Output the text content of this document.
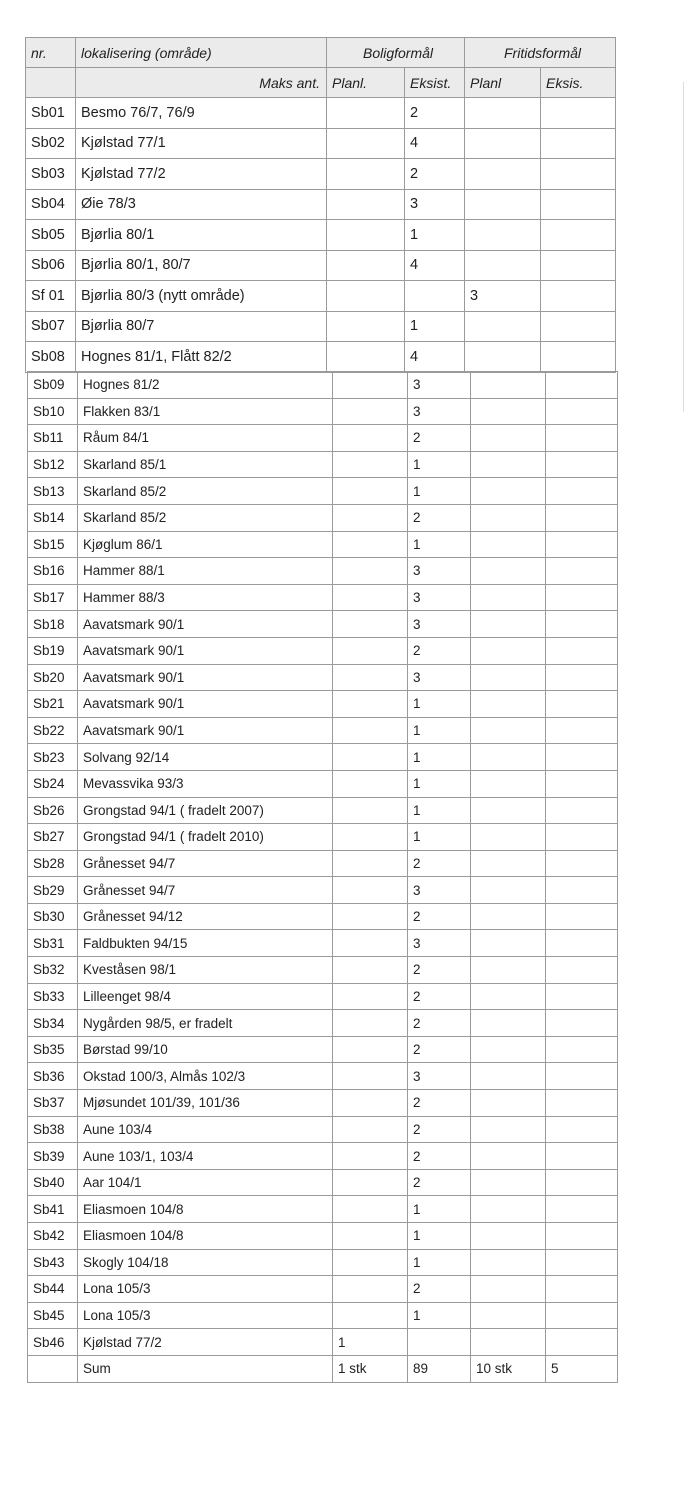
nr.	lokalisering (område)	Boligformål		Fritidsformål	
	Maks ant.	Planl.	Eksist.	Planl	Eksis.
Sb01	Besmo 76/7, 76/9		2		
Sb02	Kjølstad 77/1		4		
Sb03	Kjølstad 77/2		2		
Sb04	Øie 78/3		3		
Sb05	Bjørlia 80/1		1		
Sb06	Bjørlia 80/1, 80/7		4		
Sf 01	Bjørlia 80/3 (nytt område)			3	
Sb07	Bjørlia 80/7		1		
Sb08	Hognes 81/1, Flått 82/2		4		
Sb09	Hognes 81/2		3		
Sb10	Flakken 83/1		3		
Sb11	Råum 84/1		2		
Sb12	Skarland 85/1		1		
Sb13	Skarland 85/2		1		
Sb14	Skarland 85/2		2		
Sb15	Kjøglum 86/1		1		
Sb16	Hammer 88/1		3		
Sb17	Hammer 88/3		3		
Sb18	Aavatsmark 90/1		3		
Sb19	Aavatsmark 90/1		2		
Sb20	Aavatsmark 90/1		3		
Sb21	Aavatsmark 90/1		1		
Sb22	Aavatsmark 90/1		1		
Sb23	Solvang 92/14		1		
Sb24	Mevassvika 93/3		1		
Sb26	Grongstad 94/1 ( fradelt 2007)		1		
Sb27	Grongstad 94/1 ( fradelt 2010)		1		
Sb28	Grånesset 94/7		2		
Sb29	Grånesset 94/7		3		
Sb30	Grånesset 94/12		2		
Sb31	Faldbukten 94/15		3		
Sb32	Kveståsen 98/1		2		
Sb33	Lilleenget 98/4		2		
Sb34	Nygården 98/5, er fradelt		2		
Sb35	Børstad 99/10		2		
Sb36	Okstad 100/3, Almås 102/3		3		
Sb37	Mjøsundet 101/39, 101/36		2		
Sb38	Aune 103/4		2		
Sb39	Aune 103/1, 103/4		2		
Sb40	Aar 104/1		2		
Sb41	Eliasmoen 104/8		1		
Sb42	Eliasmoen 104/8		1		
Sb43	Skogly 104/18		1		
Sb44	Lona 105/3		2		
Sb45	Lona 105/3		1		
Sb46	Kjølstad 77/2	1			
	Sum	1 stk	89	10 stk	5
